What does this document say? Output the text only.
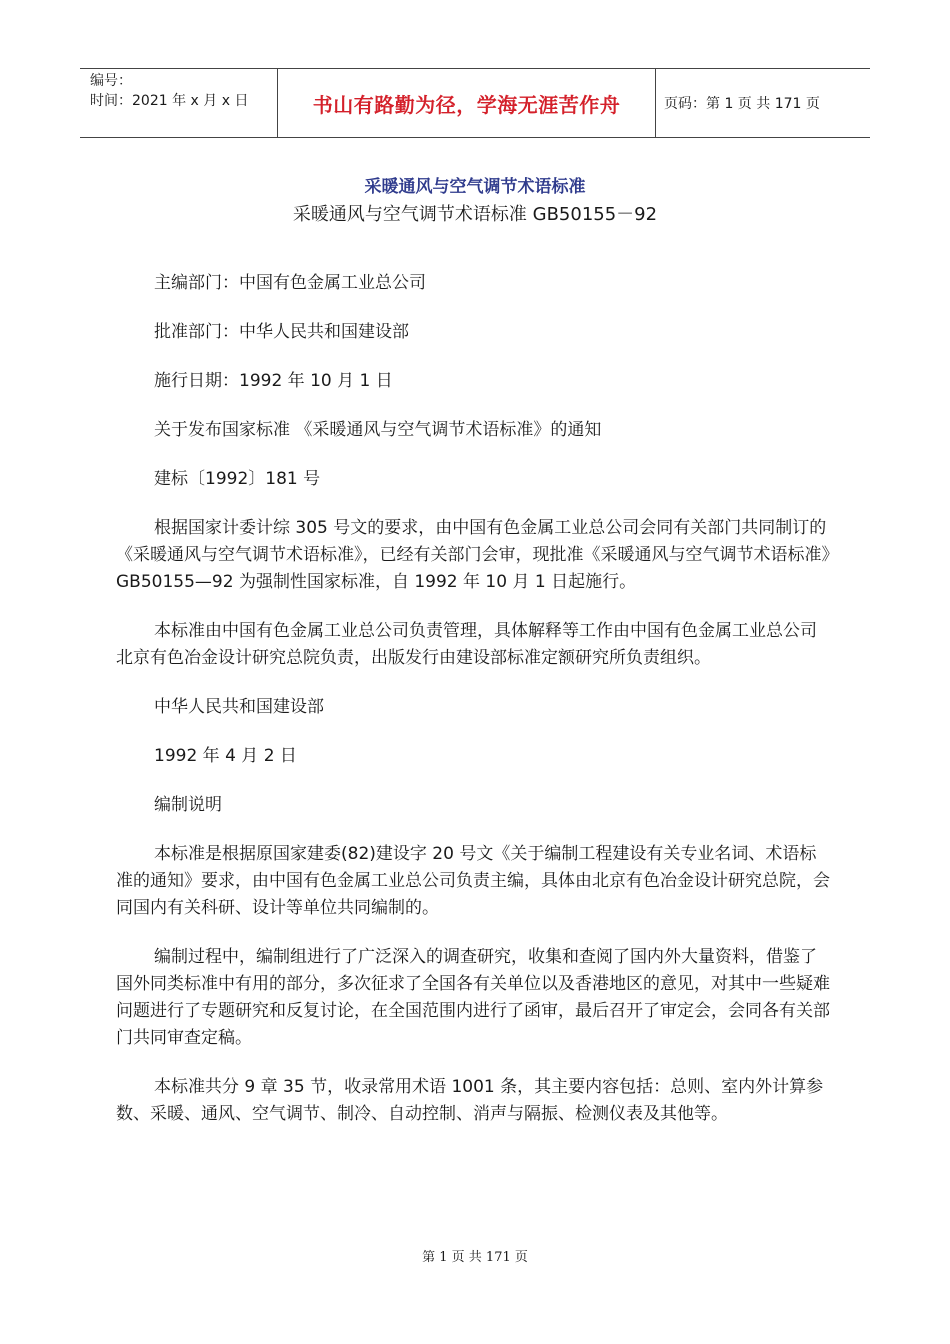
编号：
时间：2021 年 x 月 x 日	书山有路勤为径，学海无涯苦作舟	页码：第 1 页 共 171 页
采暖通风与空气调节术语标准
采暖通风与空气调节术语标准 GB50155－92

主编部门：中国有色金属工业总公司

批准部门：中华人民共和国建设部

施行日期：1992 年 10 月 1 日

关于发布国家标准 《采暖通风与空气调节术语标准》的通知

建标〔1992〕181 号

根据国家计委计综 305 号文的要求，由中国有色金属工业总公司会同有关部门共同制订的《采暖通风与空气调节术语标准》，已经有关部门会审，现批准《采暖通风与空气调节术语标准》GB50155—92 为强制性国家标准，自 1992 年 10 月 1 日起施行。

本标准由中国有色金属工业总公司负责管理，具体解释等工作由中国有色金属工业总公司北京有色冶金设计研究总院负责，出版发行由建设部标准定额研究所负责组织。

中华人民共和国建设部

1992 年 4 月 2 日

编制说明

本标准是根据原国家建委(82)建设字 20 号文《关于编制工程建设有关专业名词、术语标准的通知》要求，由中国有色金属工业总公司负责主编，具体由北京有色冶金设计研究总院，会同国内有关科研、设计等单位共同编制的。

编制过程中，编制组进行了广泛深入的调查研究，收集和查阅了国内外大量资料，借鉴了国外同类标准中有用的部分，多次征求了全国各有关单位以及香港地区的意见，对其中一些疑难问题进行了专题研究和反复讨论，在全国范围内进行了函审，最后召开了审定会，会同各有关部门共同审查定稿。

本标准共分 9 章 35 节，收录常用术语 1001 条，其主要内容包括：总则、室内外计算参数、采暖、通风、空气调节、制冷、自动控制、消声与隔振、检测仪表及其他等。

第 1 页 共 171 页
